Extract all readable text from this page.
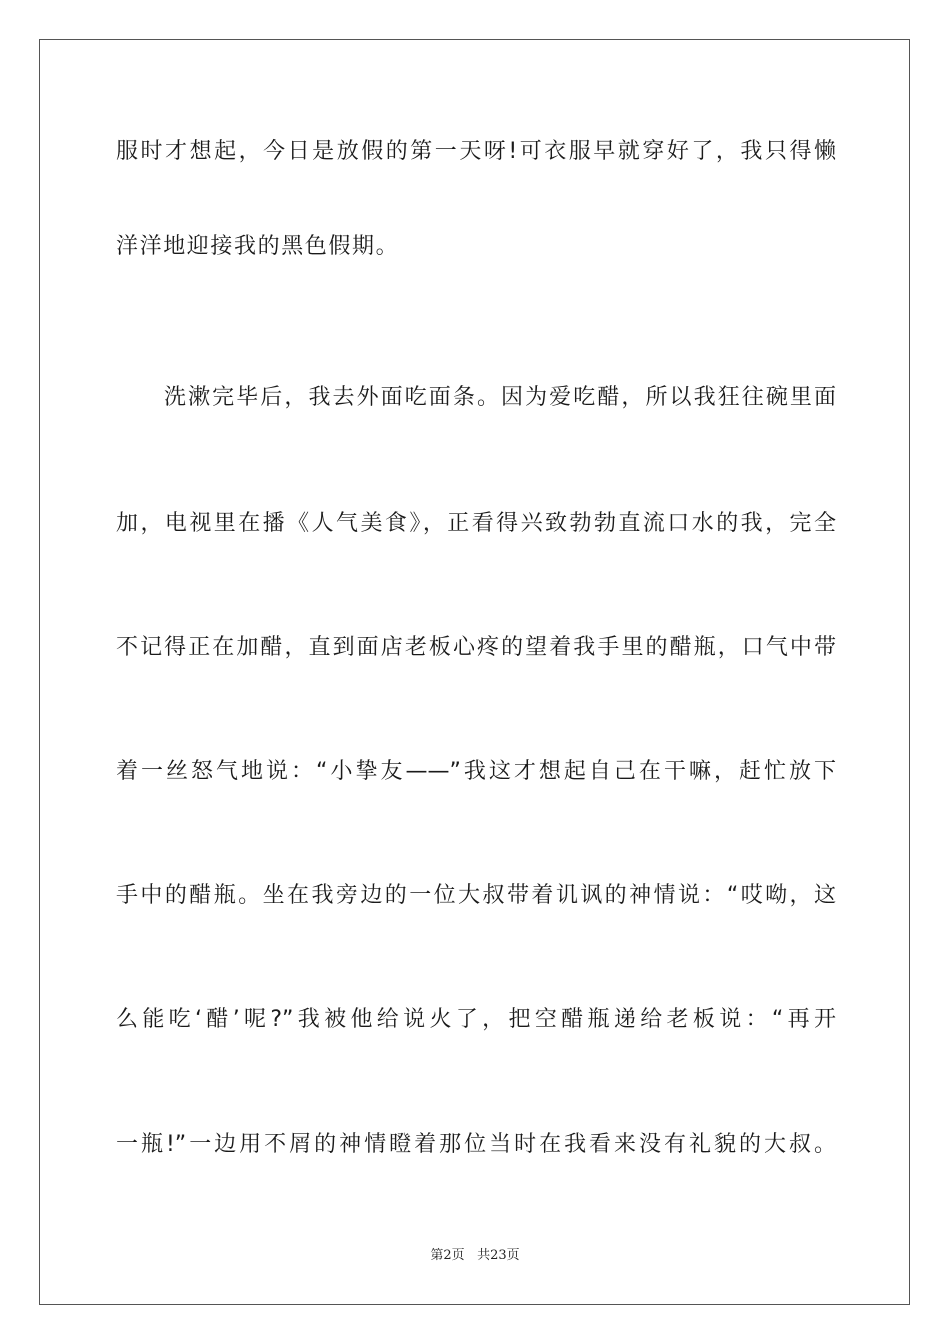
服时才想起，今日是放假的第一天呀!可衣服早就穿好了，我只得懒
洋洋地迎接我的黑色假期。
洗漱完毕后，我去外面吃面条。因为爱吃醋，所以我狂往碗里面
加，电视里在播《人气美食》，正看得兴致勃勃直流口水的我，完全
不记得正在加醋，直到面店老板心疼的望着我手里的醋瓶，口气中带
着一丝怒气地说：“小挚友——”我这才想起自己在干嘛，赶忙放下
手中的醋瓶。坐在我旁边的一位大叔带着讥讽的神情说：“哎呦，这
么能吃‘醋’呢?”我被他给说火了，把空醋瓶递给老板说：“再开
一瓶!”一边用不屑的神情瞪着那位当时在我看来没有礼貌的大叔。
第2页 共23页
